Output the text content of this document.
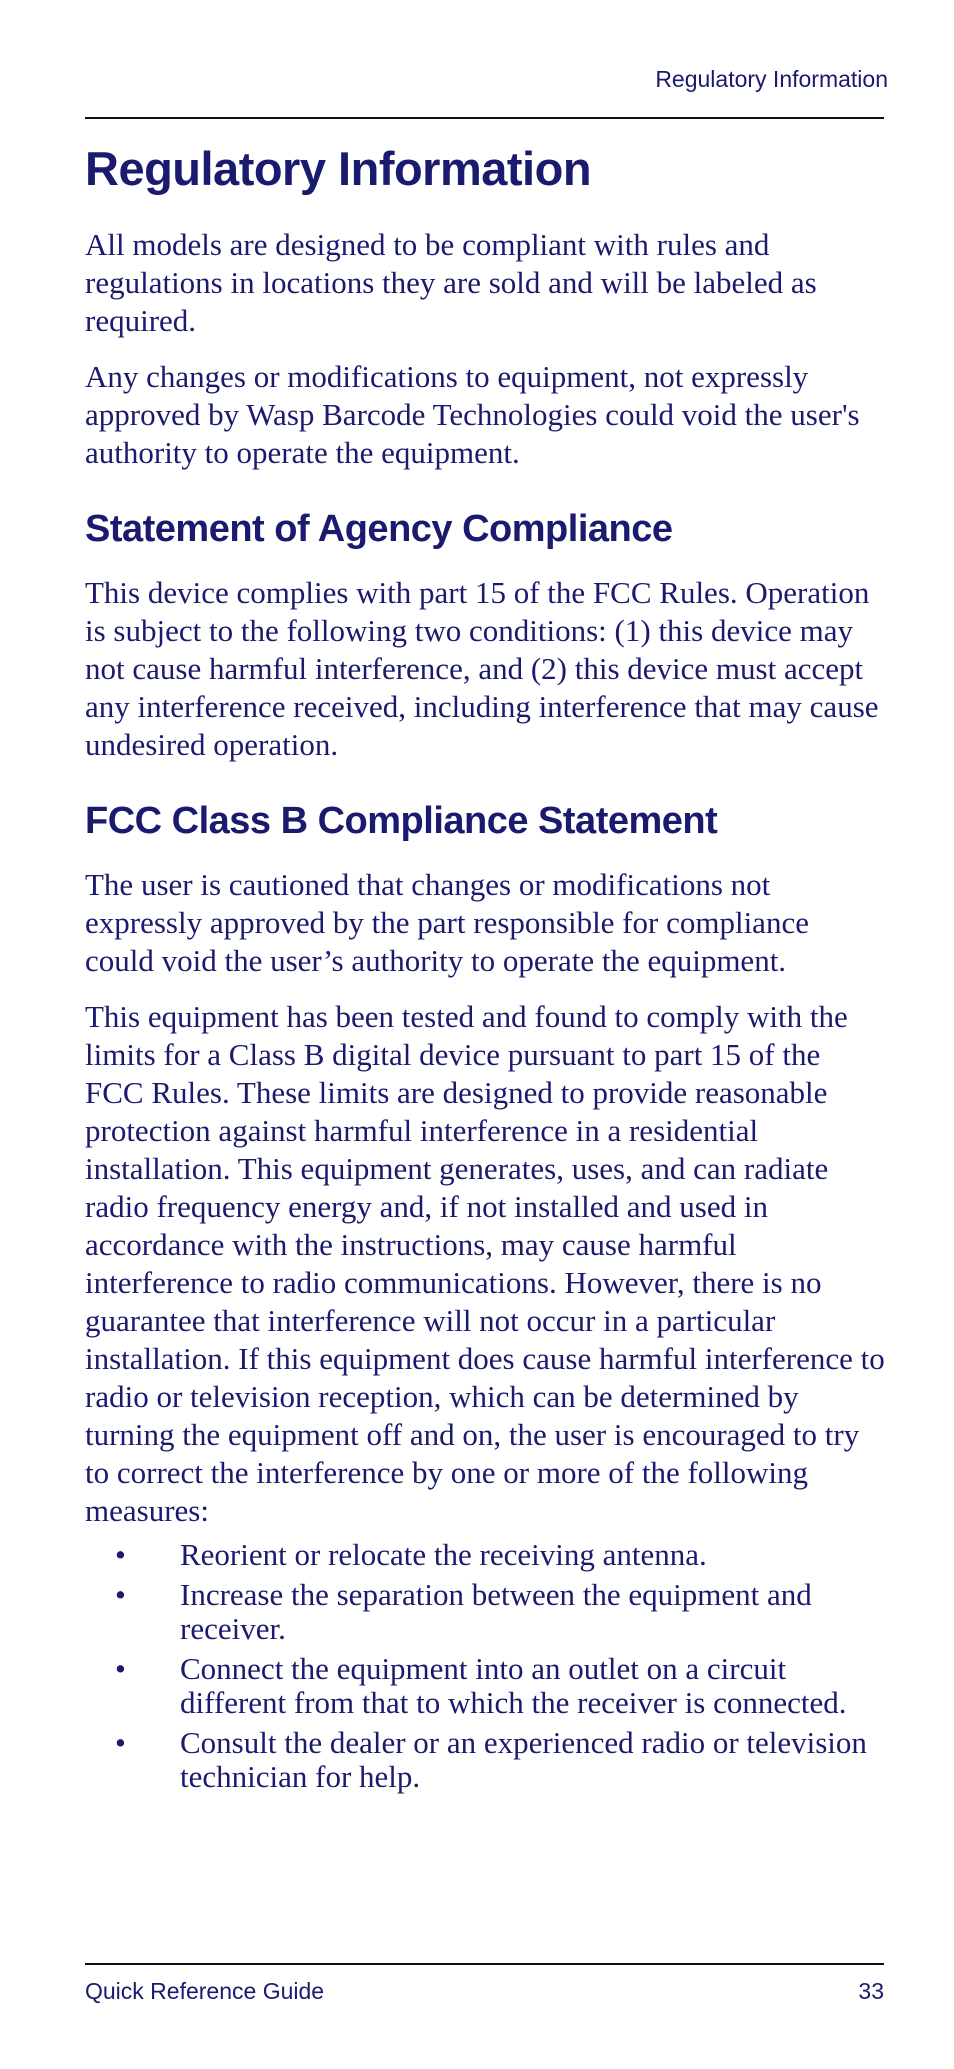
Regulatory Information
Regulatory Information

All models are designed to be compliant with rules and regulations in locations they are sold and will be labeled as required.

Any changes or modifications to equipment, not expressly approved by Wasp Barcode Technologies could void the user's authority to operate the equipment.

Statement of Agency Compliance

This device complies with part 15 of the FCC Rules. Operation is subject to the following two conditions: (1) this device may not cause harmful interference, and (2) this device must accept any interference received, including interference that may cause undesired operation.

FCC Class B Compliance Statement

The user is cautioned that changes or modifications not expressly approved by the part responsible for compliance could void the user’s authority to operate the equipment.

This equipment has been tested and found to comply with the limits for a Class B digital device pursuant to part 15 of the FCC Rules. These limits are designed to provide reasonable protection against harmful interference in a residential installation. This equipment generates, uses, and can radiate radio frequency energy and, if not installed and used in accordance with the instructions, may cause harmful interference to radio communications. However, there is no guarantee that interference will not occur in a particular installation. If this equipment does cause harmful interference to radio or television reception, which can be determined by turning the equipment off and on, the user is encouraged to try to correct the interference by one or more of the following measures:

• Reorient or relocate the receiving antenna.
• Increase the separation between the equipment and receiver.
• Connect the equipment into an outlet on a circuit different from that to which the receiver is connected.
• Consult the dealer or an experienced radio or television technician for help.
Quick Reference Guide	33
